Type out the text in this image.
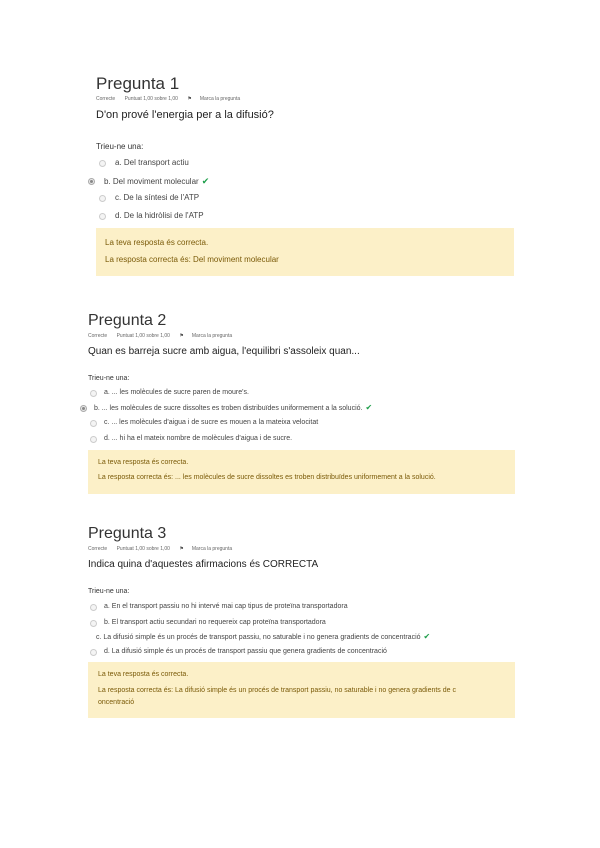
Pregunta 1
Correcte Puntuat 1,00 sobre 1,00 ⚑ Marca la pregunta
D'on prové l'energia per a la difusió?
Trieu-ne una:
a. Del transport actiu
b. Del moviment molecular ✔
c. De la síntesi de l'ATP
d. De la hidròlisi de l'ATP
La teva resposta és correcta.
La resposta correcta és: Del moviment molecular
Pregunta 2
Correcte Puntuat 1,00 sobre 1,00 ⚑ Marca la pregunta
Quan es barreja sucre amb aigua, l'equilibri s'assoleix quan...
Trieu-ne una:
a. ... les molècules de sucre paren de moure's.
b. ... les molècules de sucre dissoltes es troben distribuïdes uniformement a la solució. ✔
c. ... les molècules d'aigua i de sucre es mouen a la mateixa velocitat
d. ... hi ha el mateix nombre de molècules d'aigua i de sucre.
La teva resposta és correcta.
La resposta correcta és: ... les molècules de sucre dissoltes es troben distribuïdes uniformement a la solució.
Pregunta 3
Correcte Puntuat 1,00 sobre 1,00 ⚑ Marca la pregunta
Indica quina d'aquestes afirmacions és CORRECTA
Trieu-ne una:
a. En el transport passiu no hi intervé mai cap tipus de proteïna transportadora
b. El transport actiu secundari no requereix cap proteïna transportadora
c. La difusió simple és un procés de transport passiu, no saturable i no genera gradients de concentració ✔
d. La difusió simple és un procés de transport passiu que genera gradients de concentració
La teva resposta és correcta.
La resposta correcta és: La difusió simple és un procés de transport passiu, no saturable i no genera gradients de c
oncentració
